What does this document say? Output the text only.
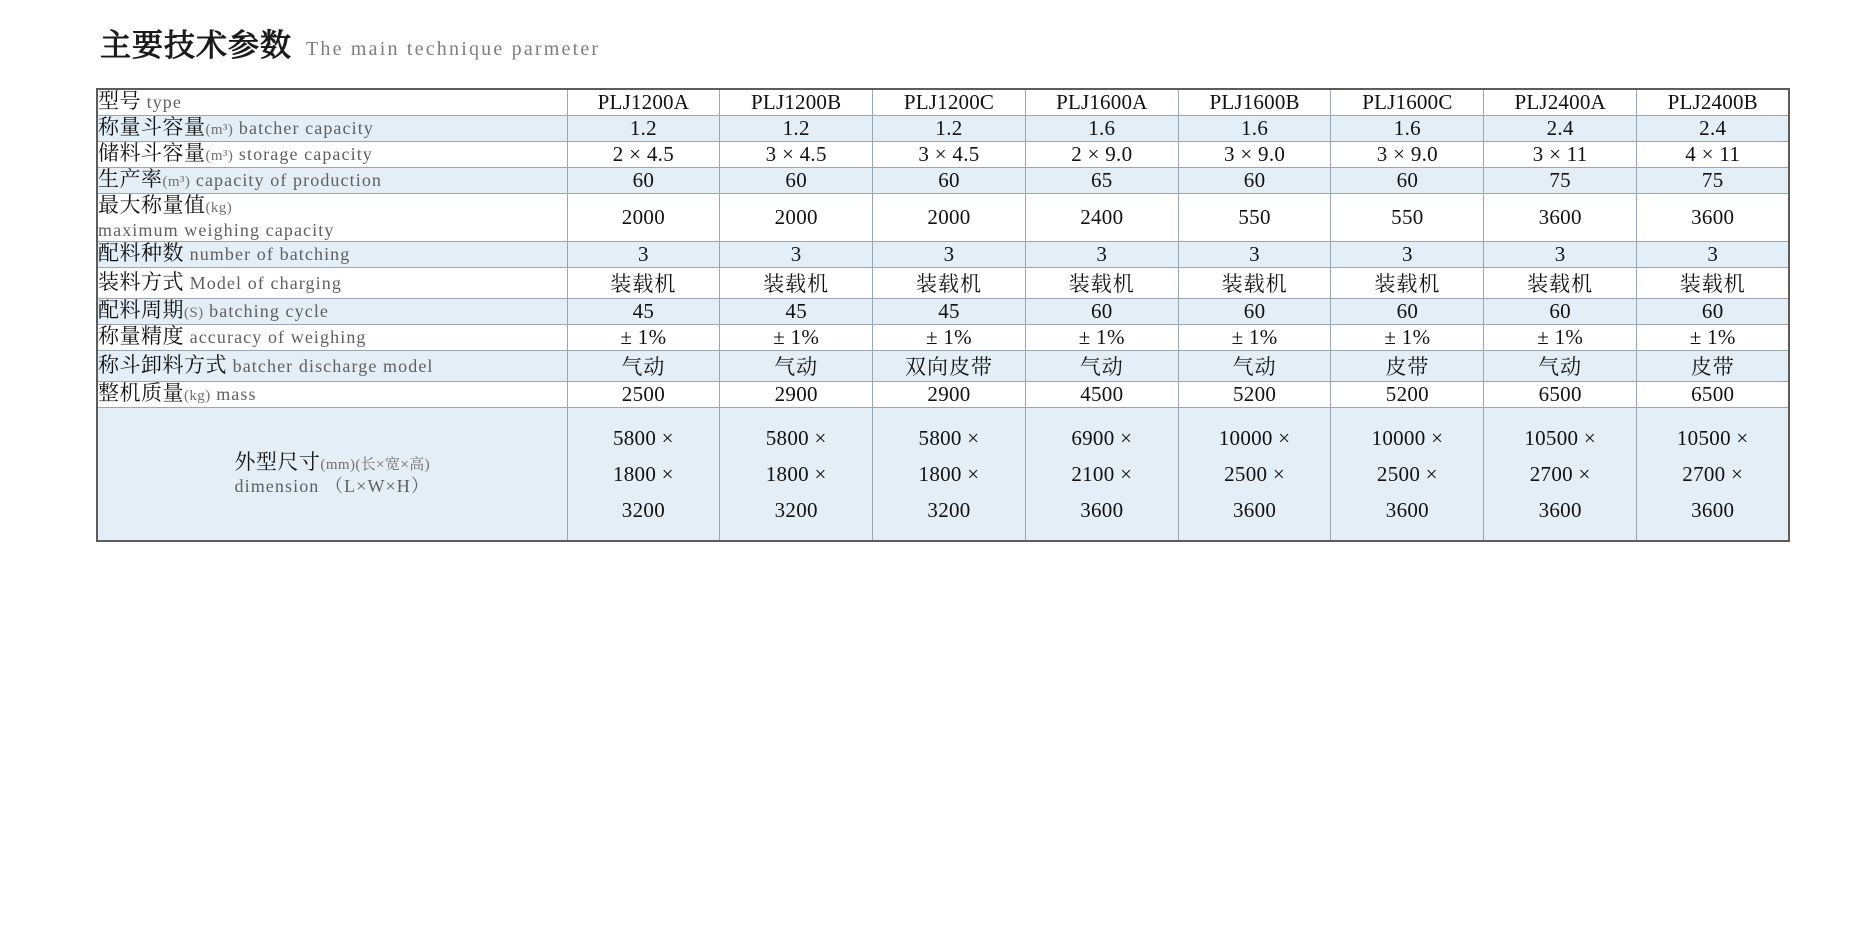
主要技术参数 The main technique parmeter
型号 type	PLJ1200A	PLJ1200B	PLJ1200C	PLJ1600A	PLJ1600B	PLJ1600C	PLJ2400A	PLJ2400B
称量斗容量(m³) batcher capacity	1.2	1.2	1.2	1.6	1.6	1.6	2.4	2.4
储料斗容量(m³) storage capacity	2 × 4.5	3 × 4.5	3 × 4.5	2 × 9.0	3 × 9.0	3 × 9.0	3 × 11	4 × 11
生产率(m³) capacity of production	60	60	60	65	60	60	75	75
最大称量值(kg)
maximum weighing capacity	2000	2000	2000	2400	550	550	3600	3600
配料种数 number of batching	3	3	3	3	3	3	3	3
装料方式 Model of charging	装载机	装载机	装载机	装载机	装载机	装载机	装载机	装载机
配料周期(S) batching cycle	45	45	45	60	60	60	60	60
称量精度 accuracy of weighing	± 1%	± 1%	± 1%	± 1%	± 1%	± 1%	± 1%	± 1%
称斗卸料方式 batcher discharge model	气动	气动	双向皮带	气动	气动	皮带	气动	皮带
整机质量(kg) mass	2500	2900	2900	4500	5200	5200	6500	6500
外型尺寸(mm)(长×宽×高)
dimension （L×W×H）	5800 ×
1800 ×
3200	5800 ×
1800 ×
3200	5800 ×
1800 ×
3200	6900 ×
2100 ×
3600	10000 ×
2500 ×
3600	10000 ×
2500 ×
3600	10500 ×
2700 ×
3600	10500 ×
2700 ×
3600
